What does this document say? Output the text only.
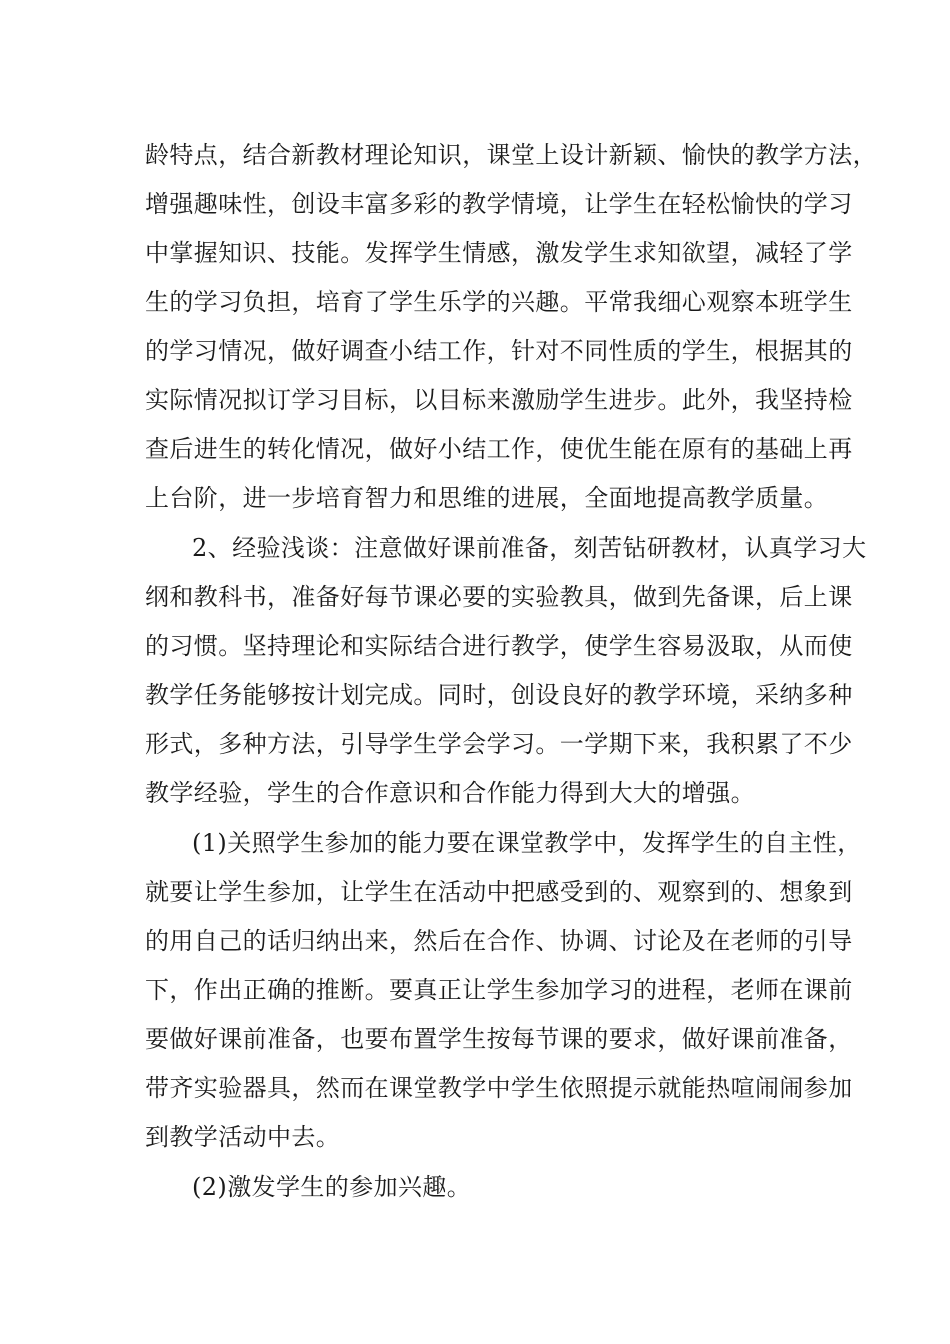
龄特点，结合新教材理论知识，课堂上设计新颖、愉快的教学方法，
增强趣味性，创设丰富多彩的教学情境，让学生在轻松愉快的学习
中掌握知识、技能。发挥学生情感，激发学生求知欲望，减轻了学
生的学习负担，培育了学生乐学的兴趣。平常我细心观察本班学生
的学习情况，做好调查小结工作，针对不同性质的学生，根据其的
实际情况拟订学习目标，以目标来激励学生进步。此外，我坚持检
查后进生的转化情况，做好小结工作，使优生能在原有的基础上再
上台阶，进一步培育智力和思维的进展，全面地提高教学质量。
2、经验浅谈：注意做好课前准备，刻苦钻研教材，认真学习大
纲和教科书，准备好每节课必要的实验教具，做到先备课，后上课
的习惯。坚持理论和实际结合进行教学，使学生容易汲取，从而使
教学任务能够按计划完成。同时，创设良好的教学环境，采纳多种
形式，多种方法，引导学生学会学习。一学期下来，我积累了不少
教学经验，学生的合作意识和合作能力得到大大的增强。
(1)关照学生参加的能力要在课堂教学中，发挥学生的自主性，
就要让学生参加，让学生在活动中把感受到的、观察到的、想象到
的用自己的话归纳出来，然后在合作、协调、讨论及在老师的引导
下，作出正确的推断。要真正让学生参加学习的进程，老师在课前
要做好课前准备，也要布置学生按每节课的要求，做好课前准备，
带齐实验器具，然而在课堂教学中学生依照提示就能热喧闹闹参加
到教学活动中去。
(2)激发学生的参加兴趣。
